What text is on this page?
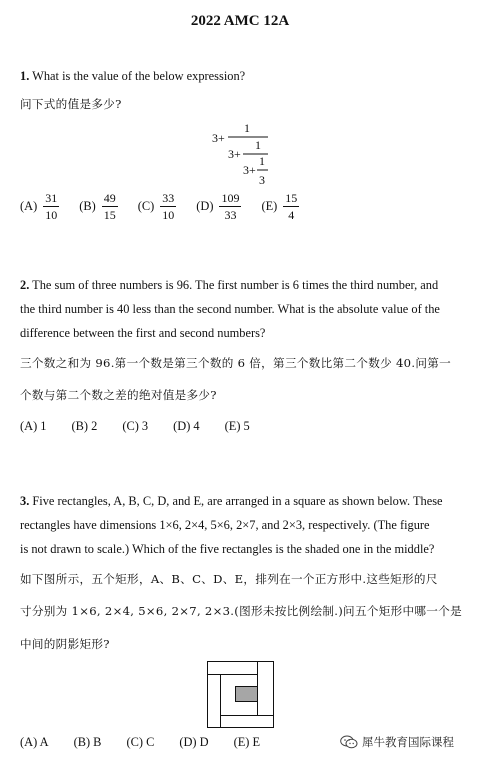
2022 AMC 12A
1. What is the value of the below expression?
问下式的值是多少?
3+
1
3+
1
3+
1
3
$(A) \frac{31}{10} (B) \frac{49}{15} (C) \frac{33}{10} (D) \frac{109}{33} (E) \frac{15}{4}$
2. The sum of three numbers is 96. The first number is 6 times the third number, and
the third number is 40 less than the second number. What is the absolute value of the
difference between the first and second numbers?
三个数之和为 96.第一个数是第三个数的 6 倍，第三个数比第二个数少 40.问第一
个数与第二个数之差的绝对值是多少?
(A) 1 (B) 2 (C) 3 (D) 4 (E) 5
3. Five rectangles, A, B, C, D, and E, are arranged in a square as shown below. These
rectangles have dimensions 1×6, 2×4, 5×6, 2×7, and 2×3, respectively. (The figure
is not drawn to scale.) Which of the five rectangles is the shaded one in the middle?
如下图所示，五个矩形，A、B、C、D、E，排列在一个正方形中.这些矩形的尺
寸分别为 1×6, 2×4, 5×6, 2×7, 2×3.(图形未按比例绘制.)问五个矩形中哪一个是
中间的阴影矩形?
(A) A (B) B (C) C (D) D (E) E	犀牛教育国际课程
